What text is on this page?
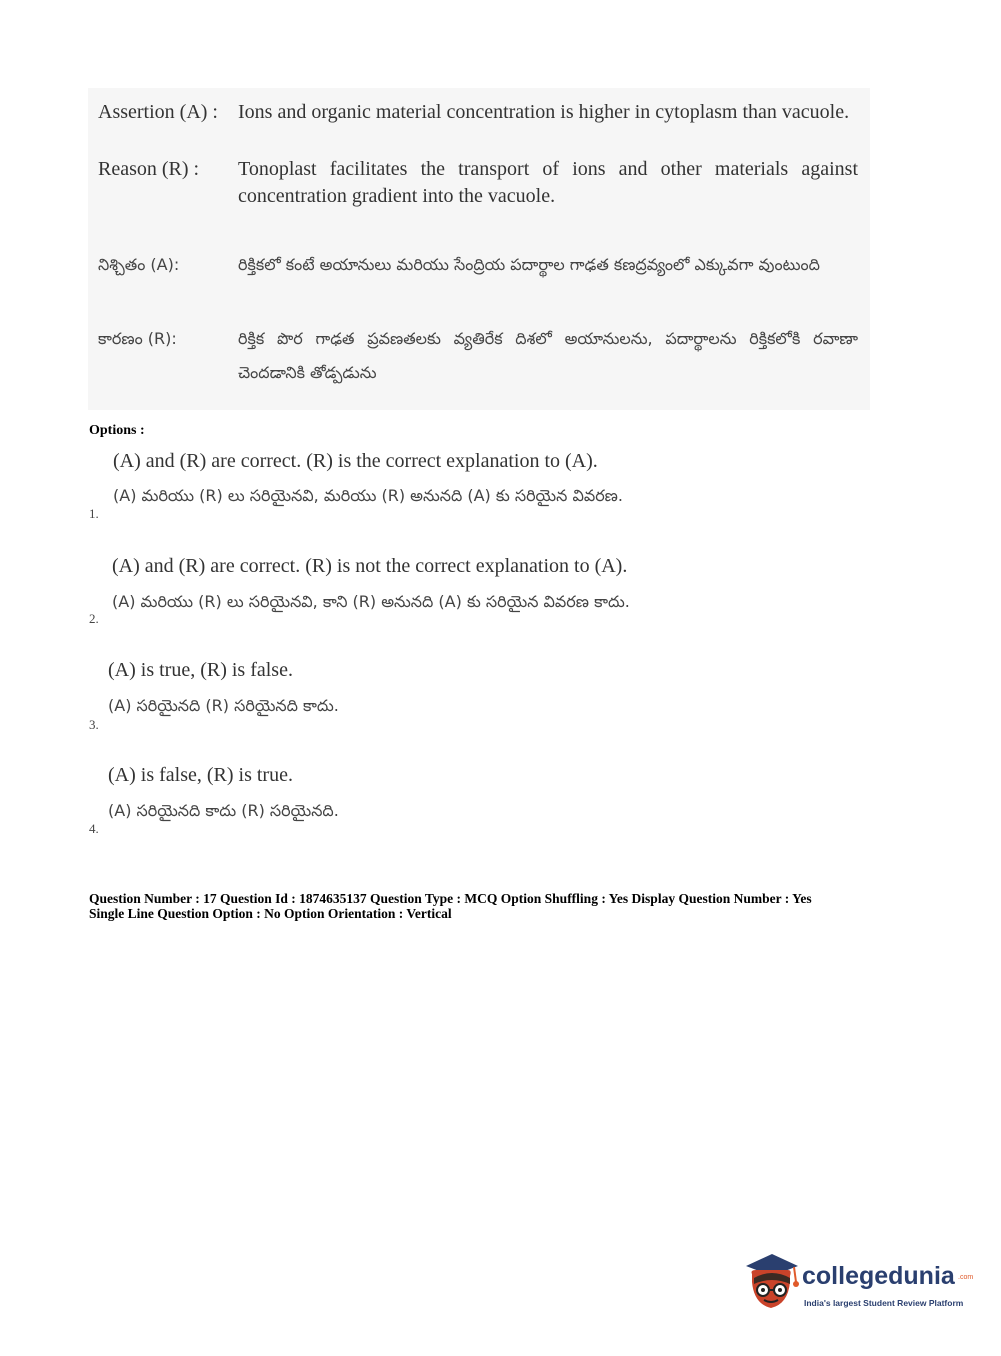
Assertion (A) : Ions and organic material concentration is higher in cytoplasm than vacuole.
Reason (R) : Tonoplast facilitates the transport of ions and other materials against concentration gradient into the vacuole.
నిశ్చితం (A):	రిక్తికలో కంటే అయానులు మరియు సేంద్రియ పదార్థాల గాఢత కణద్రవ్యంలో ఎక్కువగా వుంటుంది
కారణం (R):	రిక్తిక పొర గాఢత ప్రవణతలకు వ్యతిరేక దిశలో అయానులను, పదార్థాలను రిక్తికలోకి రవాణా చెందడానికి తోడ్పడును
Options :
(A) and (R) are correct. (R) is the correct explanation to (A).
(A) మరియు (R) లు సరియైనవి, మరియు (R) అనునది (A) కు సరియైన వివరణ.
1.
(A) and (R) are correct. (R) is not the correct explanation to (A).
(A) మరియు (R) లు సరియైనవి, కాని (R) అనునది (A) కు సరియైన వివరణ కాదు.
2.
(A) is true, (R) is false.
(A) సరియైనది (R) సరియైనది కాదు.
3.
(A) is false, (R) is true.
(A) సరియైనది కాదు (R) సరియైనది.
4.
Question Number : 17 Question Id : 1874635137 Question Type : MCQ Option Shuffling : Yes Display Question Number : Yes
Single Line Question Option : No Option Orientation : Vertical
collegedunia .com
India's largest Student Review Platform
